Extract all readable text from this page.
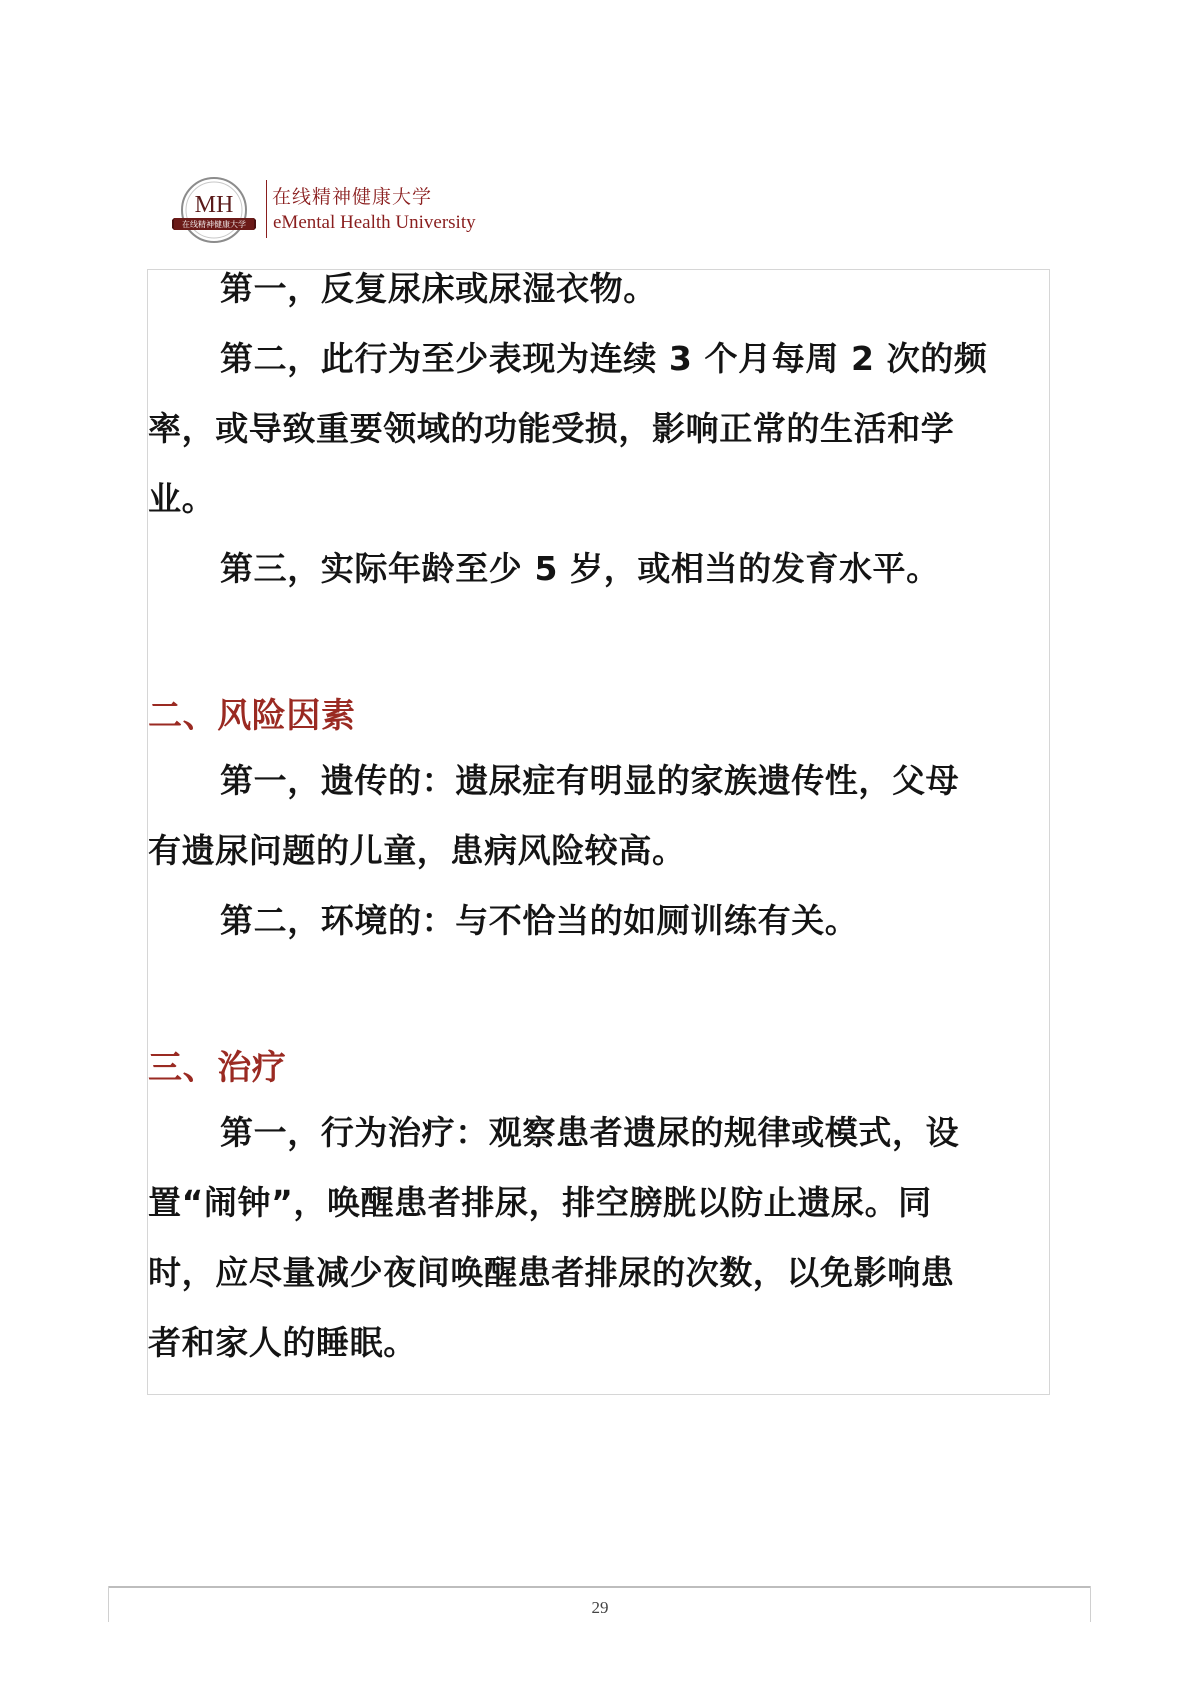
MH
在线精神健康大学
在线精神健康大学
eMental Health University

第一，反复尿床或尿湿衣物。

第二，此行为至少表现为连续 3 个月每周 2 次的频
率，或导致重要领域的功能受损，影响正常的生活和学
业。

第三，实际年龄至少 5 岁，或相当的发育水平。

二、风险因素

第一，遗传的：遗尿症有明显的家族遗传性，父母
有遗尿问题的儿童，患病风险较高。

第二，环境的：与不恰当的如厕训练有关。

三、治疗

第一，行为治疗：观察患者遗尿的规律或模式，设
置“闹钟”，唤醒患者排尿，排空膀胱以防止遗尿。同
时，应尽量减少夜间唤醒患者排尿的次数，以免影响患
者和家人的睡眠。

29
